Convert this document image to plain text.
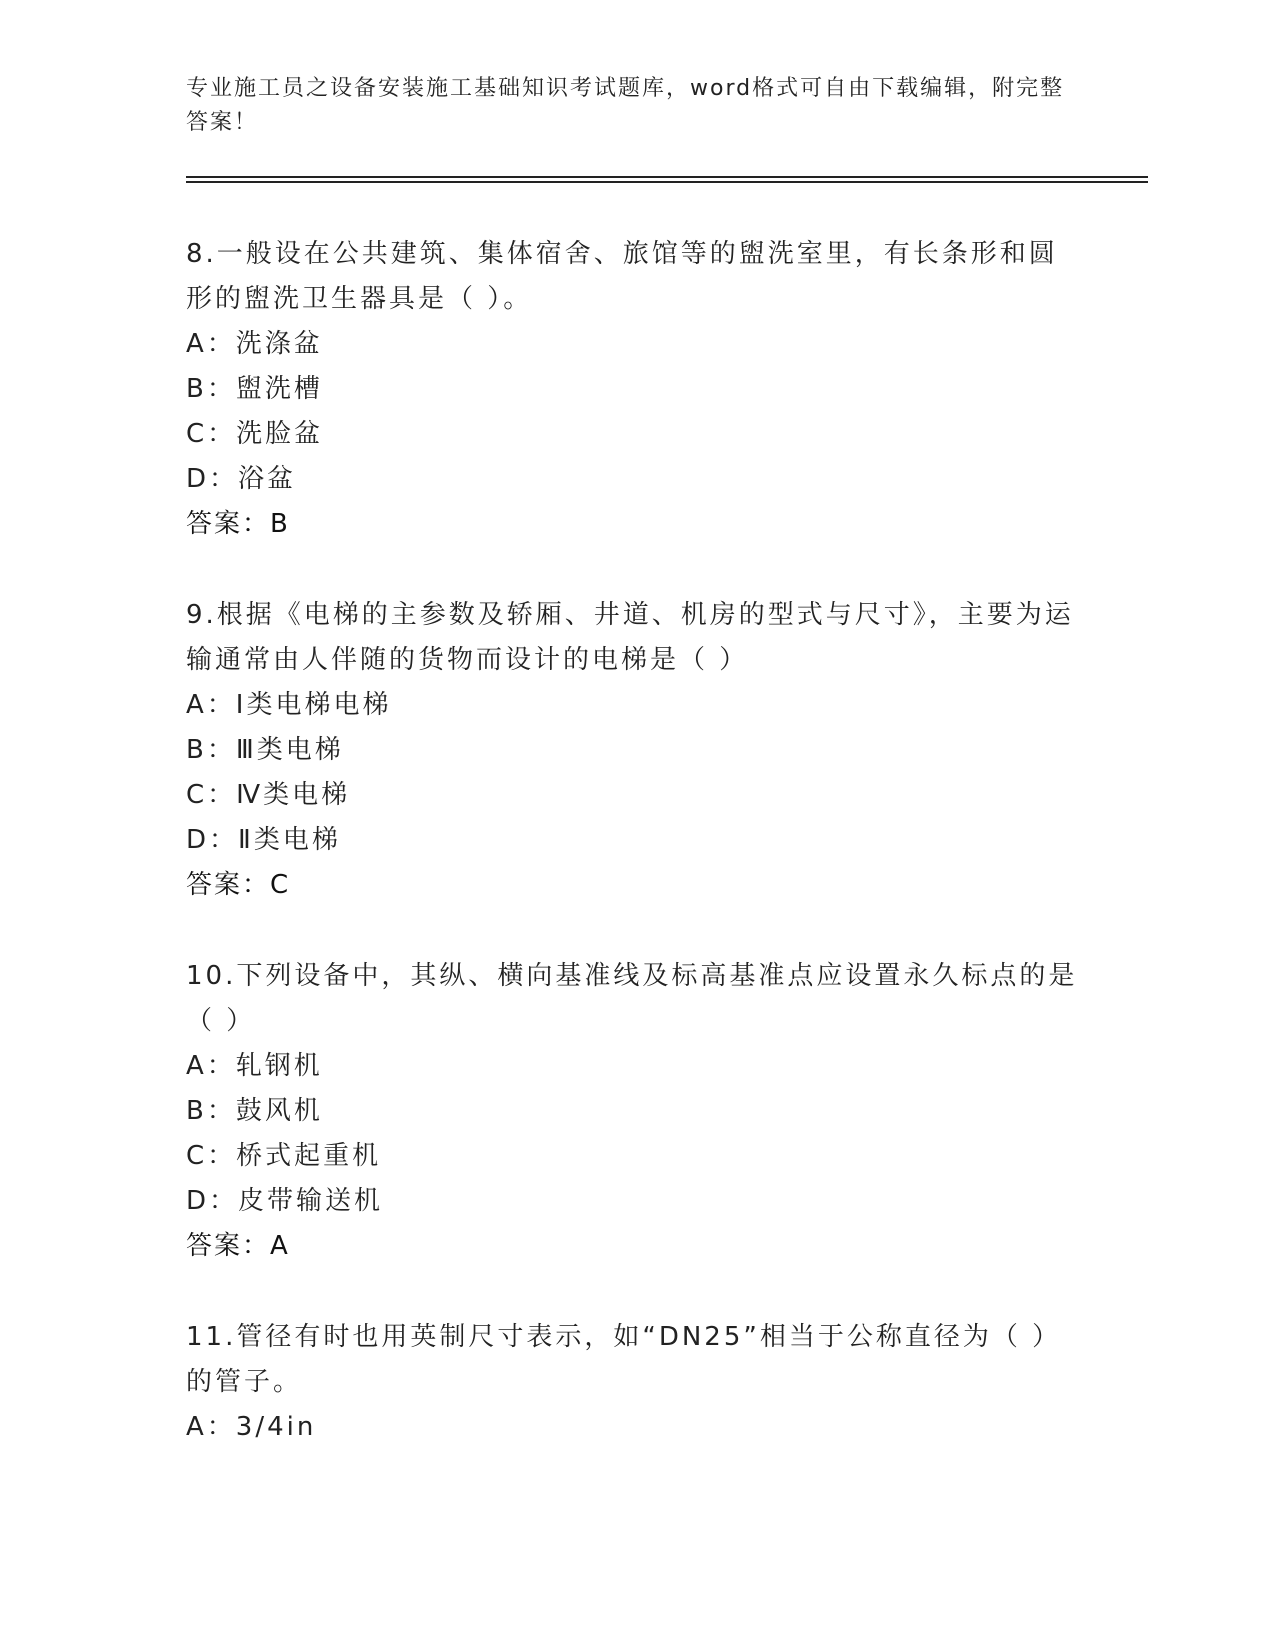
专业施工员之设备安装施工基础知识考试题库，word格式可自由下载编辑，附完整答案！

8.一般设在公共建筑、集体宿舍、旅馆等的盥洗室里，有长条形和圆形的盥洗卫生器具是（ ）。

A：洗涤盆

B：盥洗槽

C：洗脸盆

D：浴盆

答案：B

9.根据《电梯的主参数及轿厢、井道、机房的型式与尺寸》，主要为运输通常由人伴随的货物而设计的电梯是（ ）

A：Ⅰ类电梯电梯

B：Ⅲ类电梯

C：Ⅳ类电梯

D：Ⅱ类电梯

答案：C

10.下列设备中，其纵、横向基准线及标高基准点应设置永久标点的是（ ）

A：轧钢机

B：鼓风机

C：桥式起重机

D：皮带输送机

答案：A

11.管径有时也用英制尺寸表示，如“DN25”相当于公称直径为（ ）的管子。

A：3/4in
